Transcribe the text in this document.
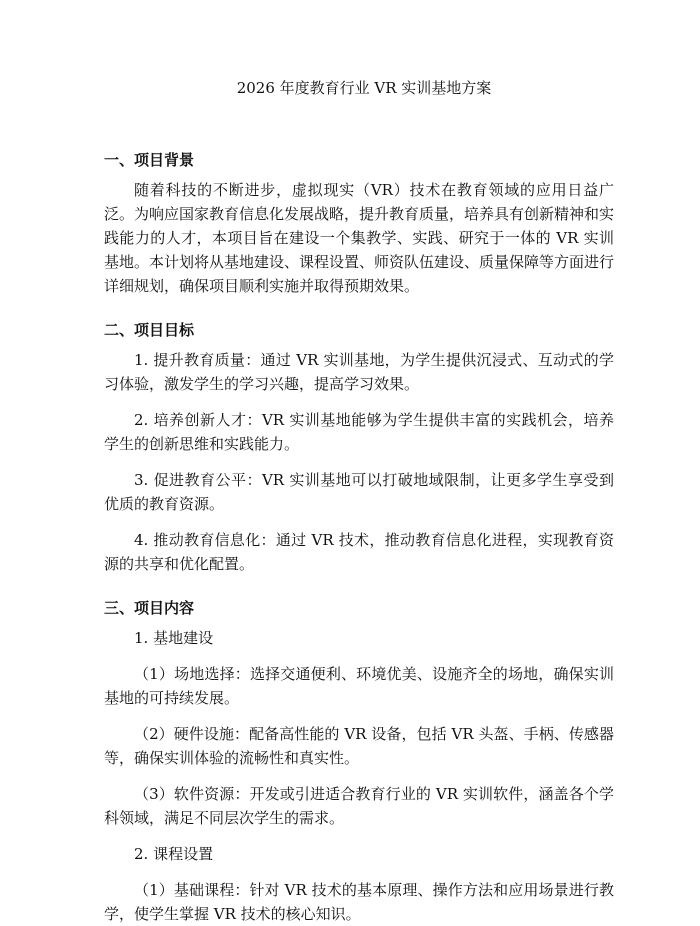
2026 年度教育行业 VR 实训基地方案
一、项目背景
随着科技的不断进步，虚拟现实（VR）技术在教育领域的应用日益广泛。为响应国家教育信息化发展战略，提升教育质量，培养具有创新精神和实践能力的人才，本项目旨在建设一个集教学、实践、研究于一体的 VR 实训基地。本计划将从基地建设、课程设置、师资队伍建设、质量保障等方面进行详细规划，确保项目顺利实施并取得预期效果。
二、项目目标
1. 提升教育质量：通过 VR 实训基地，为学生提供沉浸式、互动式的学习体验，激发学生的学习兴趣，提高学习效果。
2. 培养创新人才：VR 实训基地能够为学生提供丰富的实践机会，培养学生的创新思维和实践能力。
3. 促进教育公平：VR 实训基地可以打破地域限制，让更多学生享受到优质的教育资源。
4. 推动教育信息化：通过 VR 技术，推动教育信息化进程，实现教育资源的共享和优化配置。
三、项目内容
1. 基地建设
（1）场地选择：选择交通便利、环境优美、设施齐全的场地，确保实训基地的可持续发展。
（2）硬件设施：配备高性能的 VR 设备，包括 VR 头盔、手柄、传感器等，确保实训体验的流畅性和真实性。
（3）软件资源：开发或引进适合教育行业的 VR 实训软件，涵盖各个学科领域，满足不同层次学生的需求。
2. 课程设置
（1）基础课程：针对 VR 技术的基本原理、操作方法和应用场景进行教学，使学生掌握 VR 技术的核心知识。
